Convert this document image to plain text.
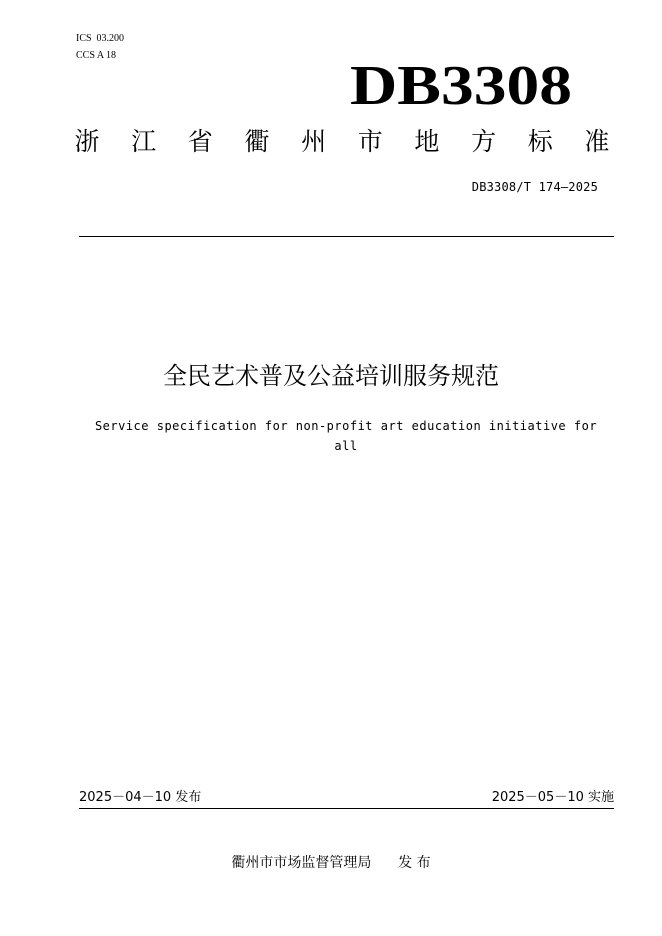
ICS  03.200
CCS A 18	DB3308
浙 江 省 衢 州 市 地 方 标 准
DB3308/T 174—2025
全民艺术普及公益培训服务规范
Service specification for non-profit art education initiative for all
2025－04－10 发布	2025－05－10 实施
衢州市市场监督管理局 发 布
